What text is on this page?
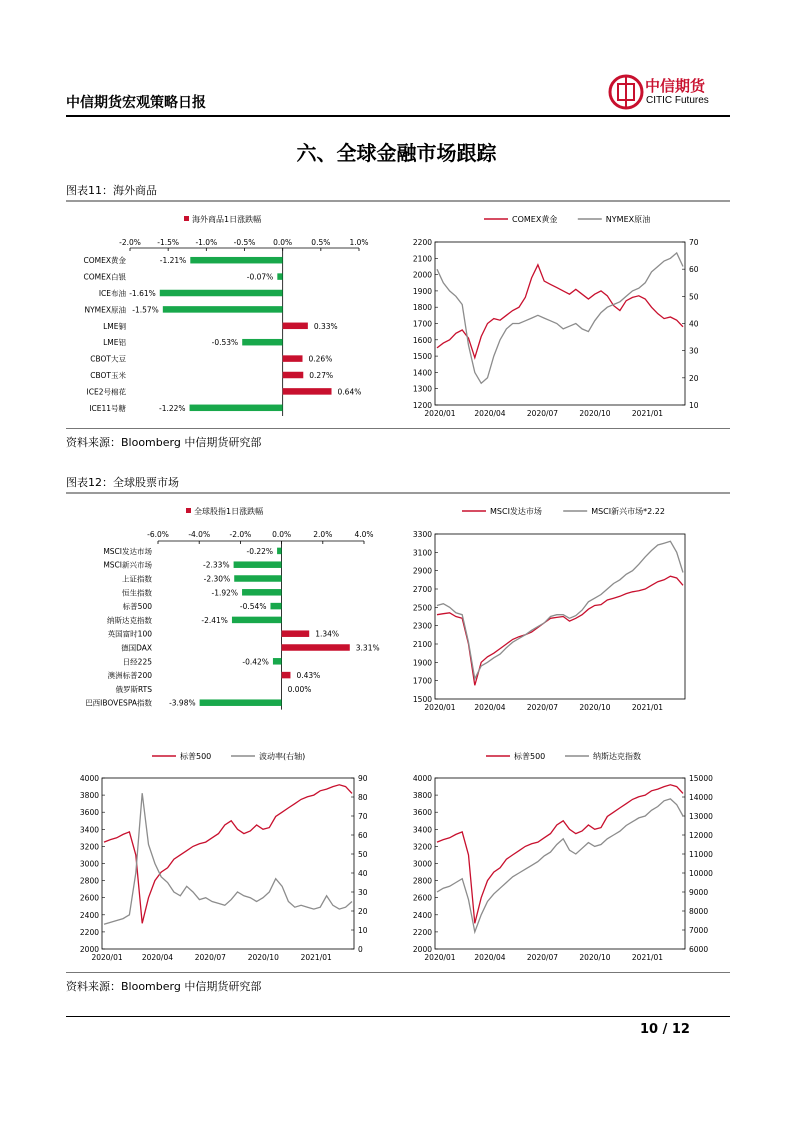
中信期货宏观策略日报
中信期货
CITIC Futures
六、全球金融市场跟踪
图表11：海外商品
海外商品1日涨跌幅
-2.0% -1.5% -1.0% -0.5% 0.0%	0.5%	1.0%
COMEX黄金	-1.21%
COMEX白银	-0.07%
ICE布油 -1.61%
NYMEX原油 -1.57%
LME铜	0.33%
LME铝	-0.53%
CBOT大豆	0.26%
CBOT玉米	0.27%
ICE2号棉花	0.64%
ICE11号糖	-1.22%
2200
2100
2000
1900
1800
1700
1600
1500
1400
1300
1200
70
60
50
40
30
20
10
2020/01	2020/04	2020/07	2020/10	2021/01
COMEX黄金	NYMEX原油
资料来源：Bloomberg 中信期货研究部
图表12：全球股票市场
全球股指1日涨跌幅
-6.0%	-4.0%	-2.0%	0.0%	2.0%	4.0%
MSCI发达市场	-0.22%
MSCI新兴市场	-2.33%
上证指数	-2.30%
恒生指数	-1.92%
标普500	-0.54%
纳斯达克指数	-2.41%
英国富时100	1.34%
德国DAX	3.31%
日经225	-0.42%
澳洲标普200	0.43%
俄罗斯RTS	0.00%
巴西IBOVESPA指数 -3.98%
3300
3100
2900
2700
2500
2300
2100
1900
1700
1500
2020/01	2020/04	2020/07	2020/10	2021/01
MSCI发达市场	MSCI新兴市场*2.22
4000
3800
3600
3400
3200
3000
2800
2600
2400
2200
2000
90
80
70
60
50
40
30
20
10
0
2020/01	2020/04	2020/07	2020/10	2021/01
标普500	波动率(右轴)
4000
3800
3600
3400
3200
3000
2800
2600
2400
2200
2000
15000
14000
13000
12000
11000
10000
9000
8000
7000
6000
2020/01	2020/04	2020/07	2020/10	2021/01
标普500	纳斯达克指数
资料来源：Bloomberg 中信期货研究部
10 / 12
